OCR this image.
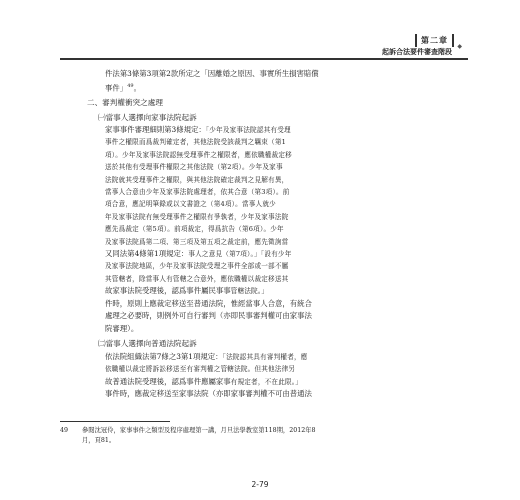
第二章
起訴合法要件審查階段
◆

件法第3條第3項第2款所定之「因離婚之原因、事實所生損害賠償

事件」$^{49}$。

二、審判權衝突之處理
㈠當事人選擇向家事法院起訴

家事事件審理細則第3條規定：「少年及家事法院認其有受理

事件之權限而爲裁判確定者，其他法院受該裁判之羈束（第1

項）。少年及家事法院認無受理事件之權限者，應依職權裁定移

送於其他有受理事件權限之其他法院（第2項）。少年及家事

法院就其受理事件之權限，與其他法院確定裁判之見解有異，

當事人合意由少年及家事法院處理者，依其合意（第3項）。前

項合意，應記明筆錄或以文書證之（第4項）。當事人就少

年及家事法院有無受理事件之權限有爭執者，少年及家事法院

應先爲裁定（第5項）。前項裁定，得爲抗告（第6項）。少年

及家事法院爲第二項、第三項及第五項之裁定前，應先徵詢當

又同法第4條第1項規定：事人之意見（第7項）。」「設有少年

及家事法院地區，少年及家事法院受理之事件全部或一部不屬

其管轄者，除當事人有管轄之合意外，應依職權以裁定移送其

故家事法院受理後，認爲事件屬民事事管轄法院。」

件時，原則上應裁定移送至普通法院，惟經當事人合意，有統合

處理之必要時，則例外可自行審判（亦即民事審判權可由家事法

院審理）。

㈡當事人選擇向普通法院起訴

依法院組織法第7條之3第1項規定：「法院認其具有審判權者，應

依職權以裁定將訴訟移送至有審判權之管轄法院。但其他法律另

故普通法院受理後，認爲事件應屬家事有規定者，不在此限。」

事件時，應裁定移送至家事法院（亦即家事審判權不可由普通法

49 參閱沈冠伶，家事事件之類型及程序處理第一講，月旦法學教室第118期，2012年8
月，頁81。
2-79
